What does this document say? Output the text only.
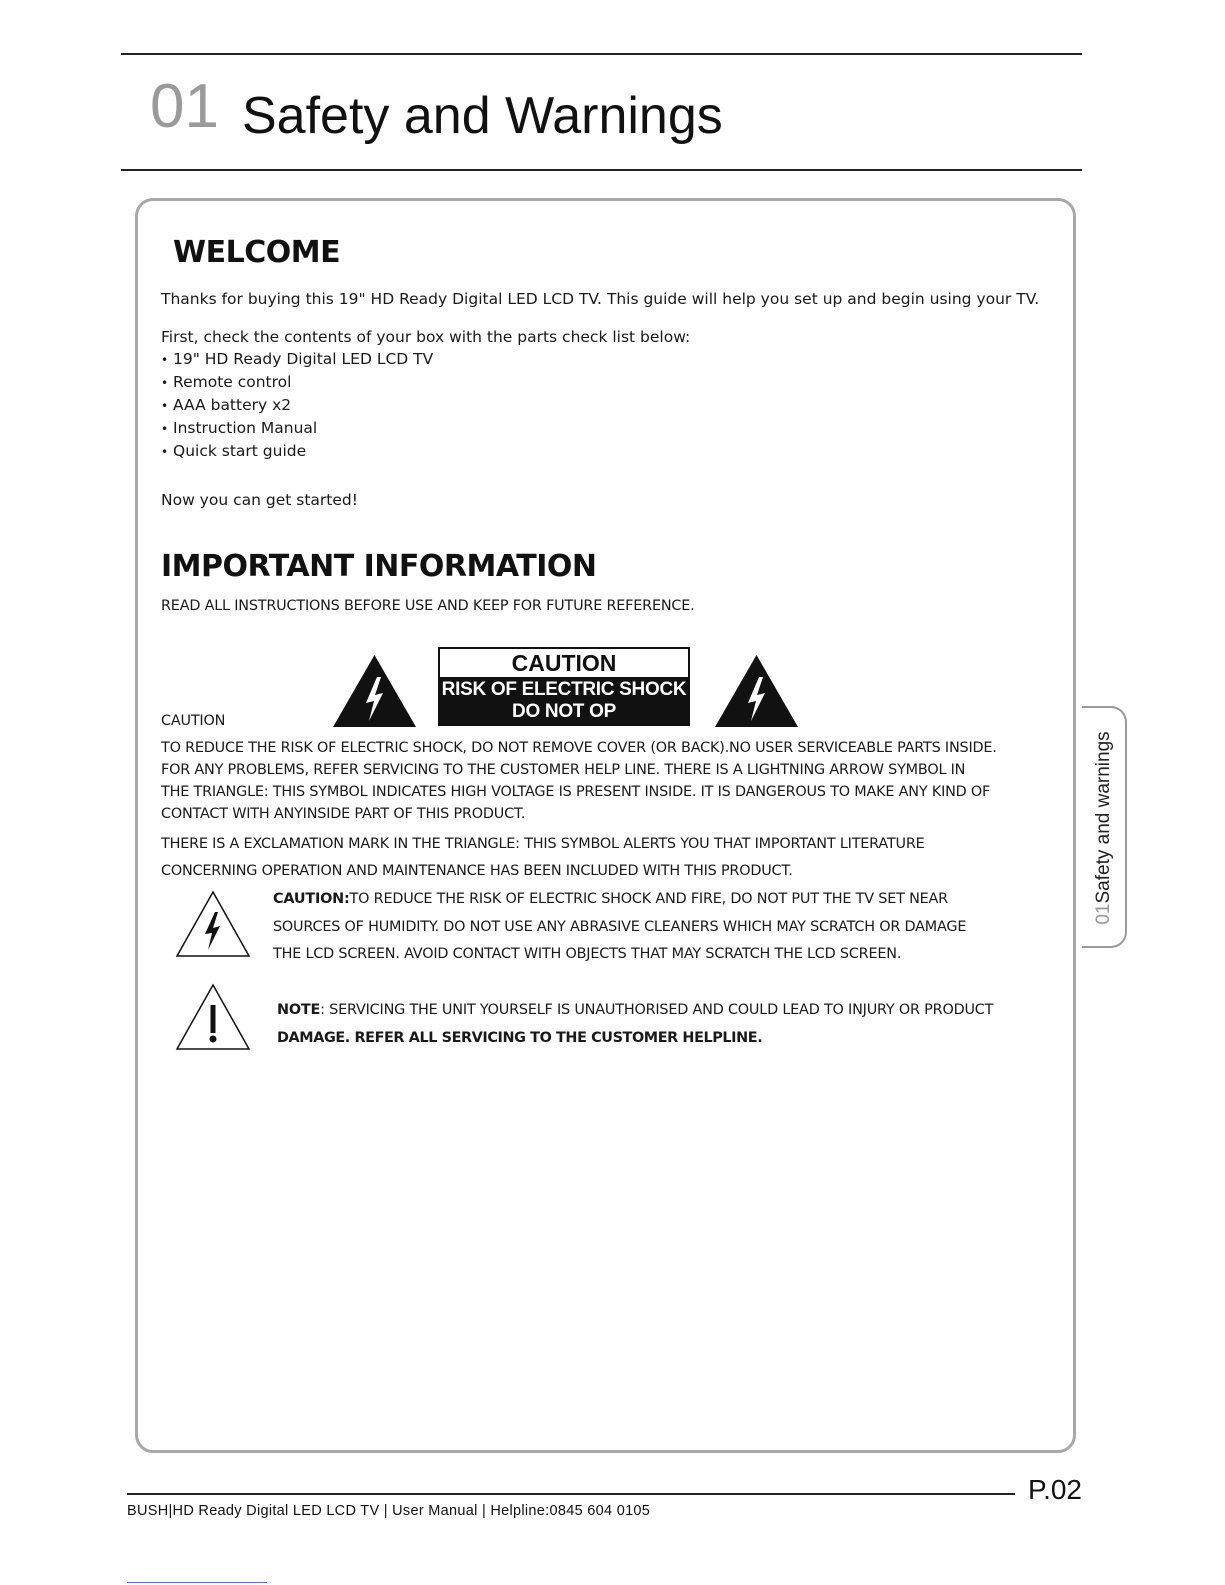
01 Safety and Warnings
WELCOME
Thanks for buying this 19" HD Ready Digital LED LCD TV. This guide will help you set up and begin using your TV.
First, check the contents of your box with the parts check list below:
• 19" HD Ready Digital LED LCD TV
• Remote control
• AAA battery x2
• Instruction Manual
• Quick start guide
Now you can get started!
IMPORTANT INFORMATION
READ ALL INSTRUCTIONS BEFORE USE AND KEEP FOR FUTURE REFERENCE.
CAUTION
RISK OF ELECTRIC SHOCK
DO NOT OP
CAUTION
TO REDUCE THE RISK OF ELECTRIC SHOCK, DO NOT REMOVE COVER (OR BACK).NO USER SERVICEABLE PARTS INSIDE.
FOR ANY PROBLEMS, REFER SERVICING TO THE CUSTOMER HELP LINE. THERE IS A LIGHTNING ARROW SYMBOL IN
THE TRIANGLE: THIS SYMBOL INDICATES HIGH VOLTAGE IS PRESENT INSIDE. IT IS DANGEROUS TO MAKE ANY KIND OF
CONTACT WITH ANYINSIDE PART OF THIS PRODUCT.
THERE IS A EXCLAMATION MARK IN THE TRIANGLE: THIS SYMBOL ALERTS YOU THAT IMPORTANT LITERATURE
CONCERNING OPERATION AND MAINTENANCE HAS BEEN INCLUDED WITH THIS PRODUCT.
CAUTION:TO REDUCE THE RISK OF ELECTRIC SHOCK AND FIRE, DO NOT PUT THE TV SET NEAR
SOURCES OF HUMIDITY. DO NOT USE ANY ABRASIVE CLEANERS WHICH MAY SCRATCH OR DAMAGE
THE LCD SCREEN. AVOID CONTACT WITH OBJECTS THAT MAY SCRATCH THE LCD SCREEN.
NOTE: SERVICING THE UNIT YOURSELF IS UNAUTHORISED AND COULD LEAD TO INJURY OR PRODUCT
DAMAGE. REFER ALL SERVICING TO THE CUSTOMER HELPLINE.
01Safety and warnings
P.02
BUSH|HD Ready Digital LED LCD TV | User Manual | Helpline:0845 604 0105
